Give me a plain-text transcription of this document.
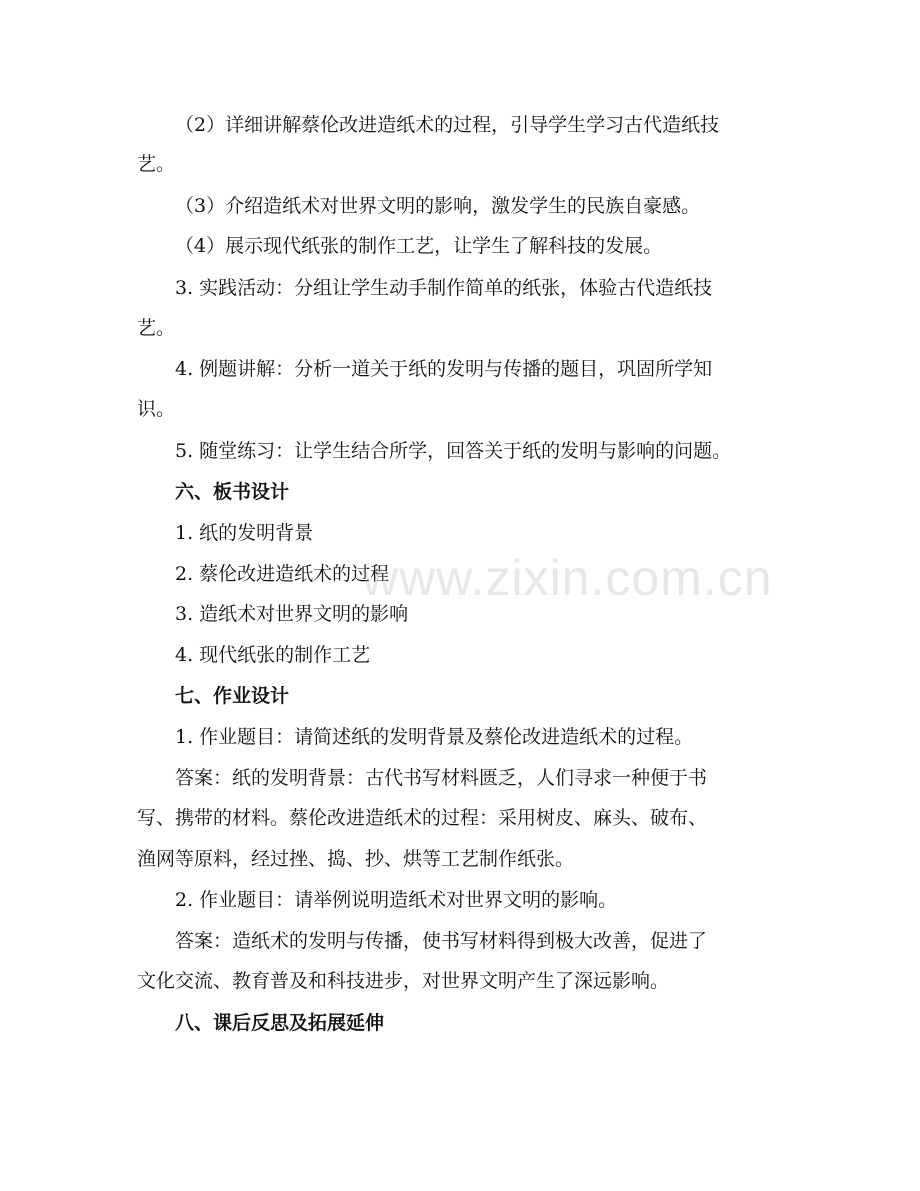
（2）详细讲解蔡伦改进造纸术的过程，引导学生学习古代造纸技
艺。
（3）介绍造纸术对世界文明的影响，激发学生的民族自豪感。
（4）展示现代纸张的制作工艺，让学生了解科技的发展。
3. 实践活动：分组让学生动手制作简单的纸张，体验古代造纸技
艺。
4. 例题讲解：分析一道关于纸的发明与传播的题目，巩固所学知
识。
5. 随堂练习：让学生结合所学，回答关于纸的发明与影响的问题。
六、板书设计
1. 纸的发明背景
2. 蔡伦改进造纸术的过程
3. 造纸术对世界文明的影响
4. 现代纸张的制作工艺
七、作业设计
1. 作业题目：请简述纸的发明背景及蔡伦改进造纸术的过程。
答案：纸的发明背景：古代书写材料匮乏，人们寻求一种便于书
写、携带的材料。蔡伦改进造纸术的过程：采用树皮、麻头、破布、
渔网等原料，经过挫、捣、抄、烘等工艺制作纸张。
2. 作业题目：请举例说明造纸术对世界文明的影响。
答案：造纸术的发明与传播，使书写材料得到极大改善，促进了
文化交流、教育普及和科技进步，对世界文明产生了深远影响。
八、课后反思及拓展延伸
www.zixin.com.cn
